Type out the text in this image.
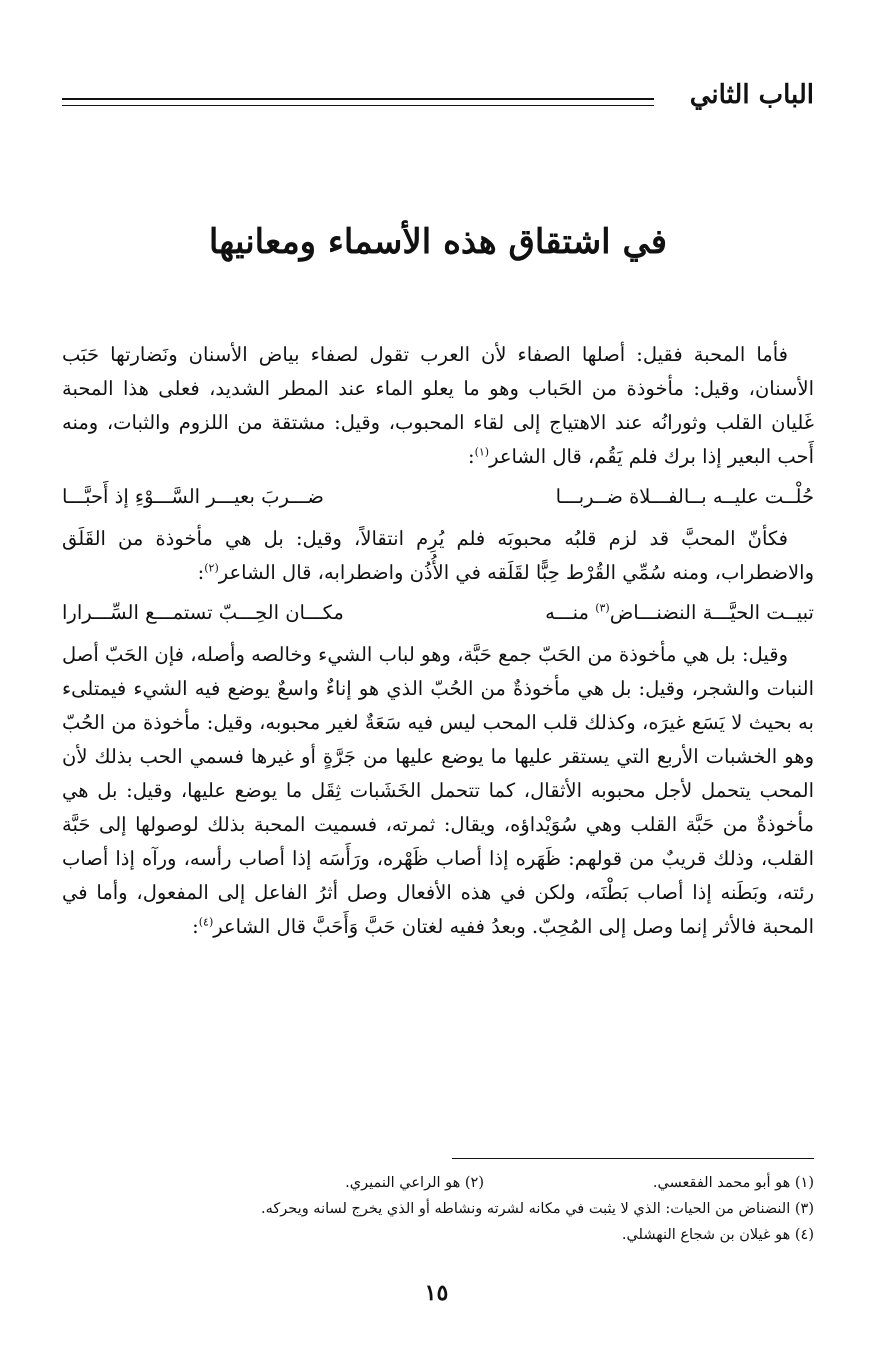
الباب الثاني
في اشتقاق هذه الأسماء ومعانيها

فأما المحبة فقيل: أصلها الصفاء لأن العرب تقول لصفاء بياض الأسنان ونَضارتها حَبَب الأسنان، وقيل: مأخوذة من الحَباب وهو ما يعلو الماء عند المطر الشديد، فعلى هذا المحبة غَليان القلب وثورانُه عند الاهتياج إلى لقاء المحبوب، وقيل: مشتقة من اللزوم والثبات، ومنه أَحب البعير إذا برك فلم يَقُم، قال الشاعر$^{(١)}$:

حُلْــت عليــه بــالفـــلاة ضــربـــا
ضـــربَ بعيـــر السَّـــوْءِ إذ أَحبَّـــا

فكأنّ المحبَّ قد لزم قلبُه محبوبَه فلم يُرِم انتقالاً، وقيل: بل هي مأخوذة من القَلَق والاضطراب، ومنه سُمِّي القُرْط حِبًّا لقَلَقه في الأُذُن واضطرابه، قال الشاعر$^{(٢)}$:

تبيــت الحيَّـــة النضنـــاض$^{(٣)}$ منـــه
مكـــان الحِـــبّ تستمـــع السِّـــرارا

وقيل: بل هي مأخوذة من الحَبّ جمع حَبَّة، وهو لباب الشيء وخالصه وأصله، فإن الحَبّ أصل النبات والشجر، وقيل: بل هي مأخوذةٌ من الحُبّ الذي هو إناءٌ واسعٌ يوضع فيه الشيء فيمتلىء به بحيث لا يَسَع غيرَه، وكذلك قلب المحب ليس فيه سَعَةٌ لغير محبوبه، وقيل: مأخوذة من الحُبّ وهو الخشبات الأربع التي يستقر عليها ما يوضع عليها من جَرَّةٍ أو غيرها فسمي الحب بذلك لأن المحب يتحمل لأجل محبوبه الأثقال، كما تتحمل الخَشَبات ثِقَل ما يوضع عليها، وقيل: بل هي مأخوذةٌ من حَبَّة القلب وهي سُوَيْداؤه، ويقال: ثمرته، فسميت المحبة بذلك لوصولها إلى حَبَّة القلب، وذلك قريبٌ من قولهم: ظَهَره إذا أصاب ظَهْره، ورَأَسَه إذا أصاب رأسه، ورآه إذا أصاب رئته، وبَطَنه إذا أصاب بَطْنَه، ولكن في هذه الأفعال وصل أثرُ الفاعل إلى المفعول، وأما في المحبة فالأثر إنما وصل إلى المُحِبّ. وبعدُ ففيه لغتان حَبَّ وَأَحَبَّ قال الشاعر$^{(٤)}$:

(١) هو أبو محمد الفقعسي.
(٢) هو الراعي النميري.
(٣) النضناض من الحيات: الذي لا يثبت في مكانه لشرته ونشاطه أو الذي يخرج لسانه ويحركه.
(٤) هو غيلان بن شجاع النهشلي.
١٥
